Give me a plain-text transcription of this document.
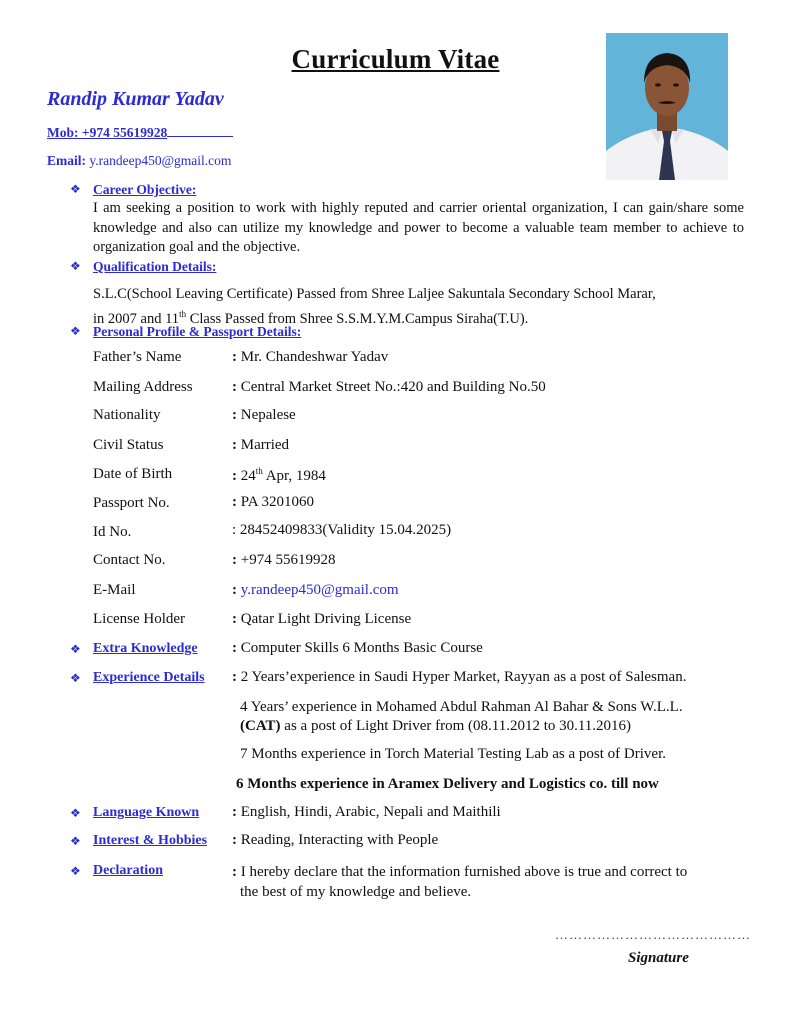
Curriculum Vitae
Randip Kumar Yadav
Mob: +974 55619928
Email: y.randeep450@gmail.com
❖ Career Objective:
I am seeking a position to work with highly reputed and carrier oriental organization, I can gain/share some knowledge and also can utilize my knowledge and power to become a valuable team member to achieve to organization goal and the objective.
❖ Qualification Details:
S.L.C(School Leaving Certificate) Passed from Shree Laljee Sakuntala Secondary School Marar,
in 2007 and 11th Class Passed from Shree S.S.M.Y.M.Campus Siraha(T.U).
❖ Personal Profile & Passport Details:
Father’s Name	: Mr. Chandeshwar Yadav
Mailing Address	: Central Market Street No.:420 and Building No.50
Nationality	: Nepalese
Civil Status	: Married
Date of Birth	: 24th Apr, 1984
Passport No.	: PA 3201060
Id No.	: 28452409833(Validity 15.04.2025)
Contact No.	: +974 55619928
E-Mail	: y.randeep450@gmail.com
License Holder	: Qatar Light Driving License
❖ Extra Knowledge : Computer Skills 6 Months Basic Course
❖ Experience Details : 2 Years’experience in Saudi Hyper Market, Rayyan as a post of Salesman.
4 Years’ experience in Mohamed Abdul Rahman Al Bahar & Sons W.L.L.
(CAT) as a post of Light Driver from (08.11.2012 to 30.11.2016)
7 Months experience in Torch Material Testing Lab as a post of Driver.
6 Months experience in Aramex Delivery and Logistics co. till now
❖ Language Known : English, Hindi, Arabic, Nepali and Maithili
❖ Interest & Hobbies : Reading, Interacting with People
❖ Declaration	: I hereby declare that the information furnished above is true and correct to
the best of my knowledge and believe.
……………………………………
Signature
